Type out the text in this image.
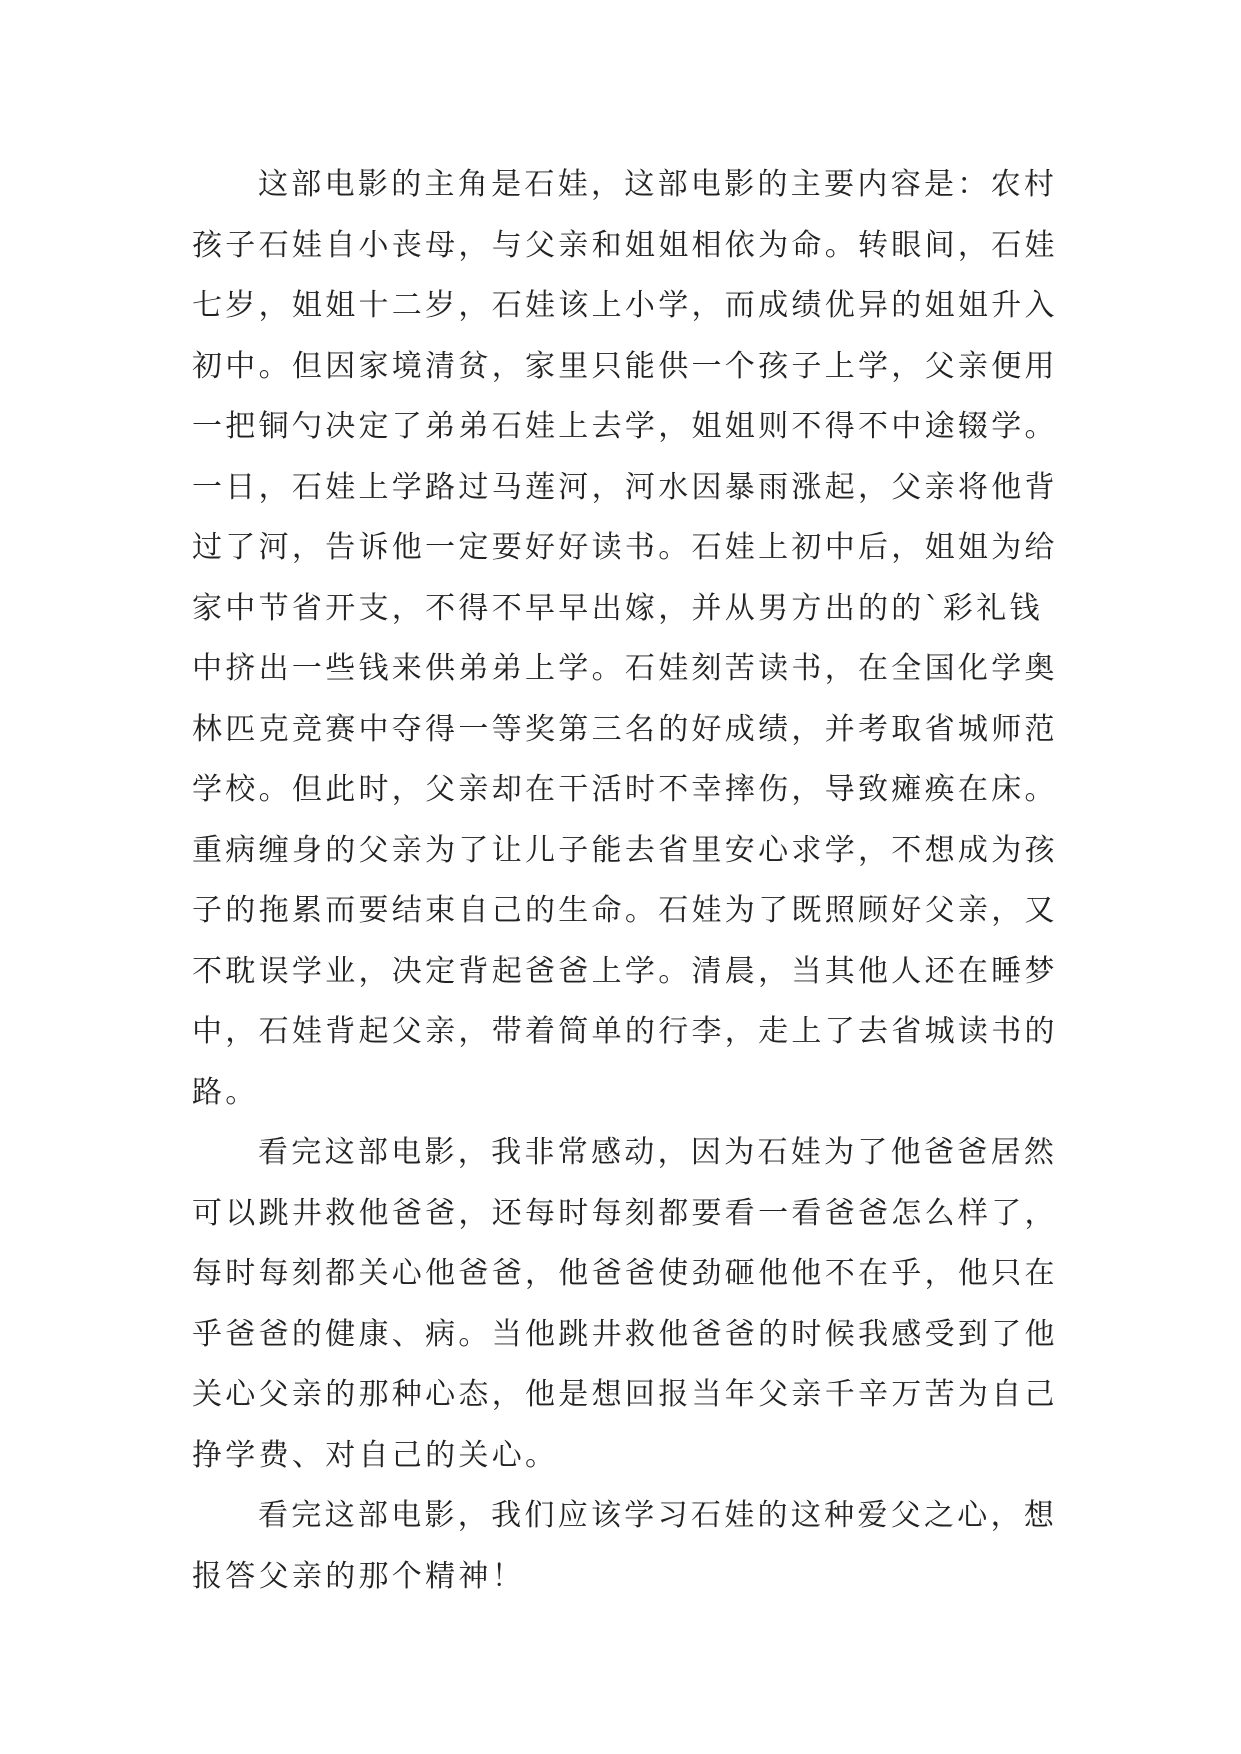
这部电影的主角是石娃，这部电影的主要内容是：农村
孩子石娃自小丧母，与父亲和姐姐相依为命。转眼间，石娃
七岁，姐姐十二岁，石娃该上小学，而成绩优异的姐姐升入
初中。但因家境清贫，家里只能供一个孩子上学，父亲便用
一把铜勺决定了弟弟石娃上去学，姐姐则不得不中途辍学。
一日，石娃上学路过马莲河，河水因暴雨涨起，父亲将他背
过了河，告诉他一定要好好读书。石娃上初中后，姐姐为给
家中节省开支，不得不早早出嫁，并从男方出的的`彩礼钱
中挤出一些钱来供弟弟上学。石娃刻苦读书，在全国化学奥
林匹克竞赛中夺得一等奖第三名的好成绩，并考取省城师范
学校。但此时，父亲却在干活时不幸摔伤，导致瘫痪在床。
重病缠身的父亲为了让儿子能去省里安心求学，不想成为孩
子的拖累而要结束自己的生命。石娃为了既照顾好父亲，又
不耽误学业，决定背起爸爸上学。清晨，当其他人还在睡梦
中，石娃背起父亲，带着简单的行李，走上了去省城读书的
路。
看完这部电影，我非常感动，因为石娃为了他爸爸居然
可以跳井救他爸爸，还每时每刻都要看一看爸爸怎么样了，
每时每刻都关心他爸爸，他爸爸使劲砸他他不在乎，他只在
乎爸爸的健康、病。当他跳井救他爸爸的时候我感受到了他
关心父亲的那种心态，他是想回报当年父亲千辛万苦为自己
挣学费、对自己的关心。
看完这部电影，我们应该学习石娃的这种爱父之心，想
报答父亲的那个精神！
